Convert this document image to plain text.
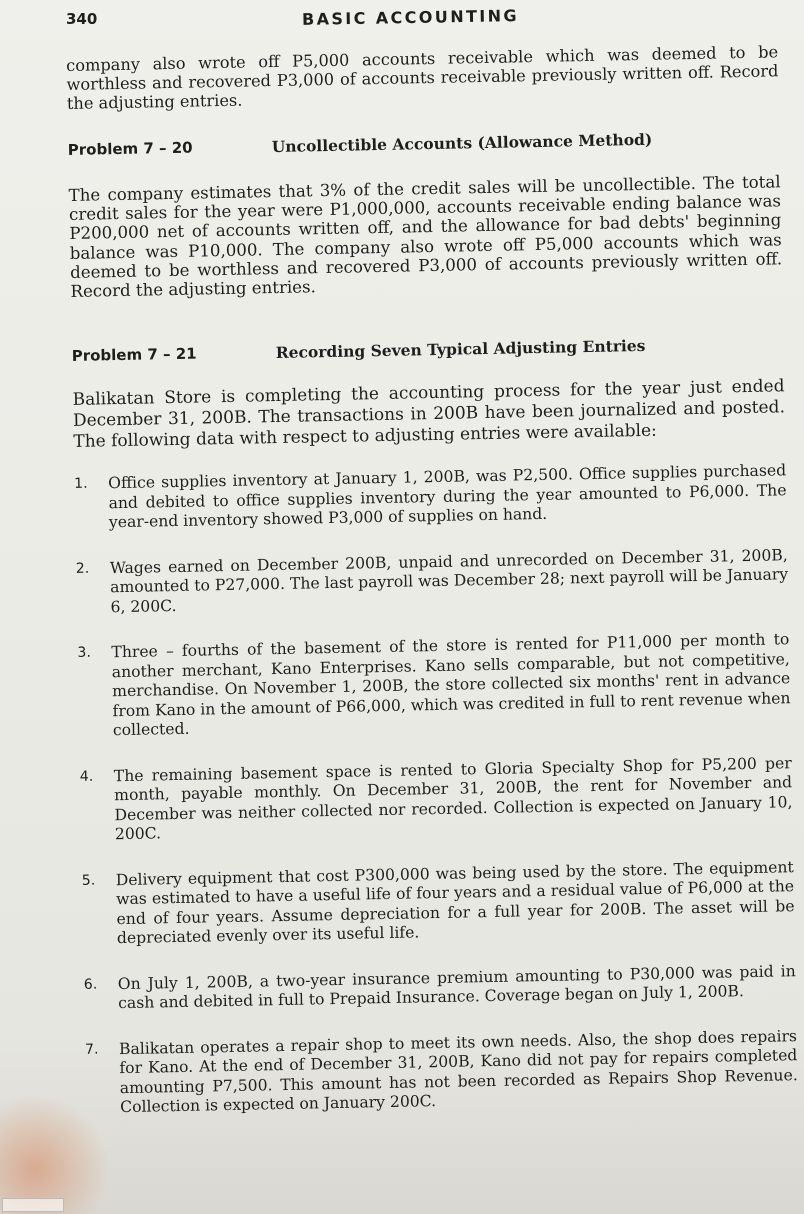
340	BASIC ACCOUNTING

company also wrote off P5,000 accounts receivable which was deemed to be worthless and recovered P3,000 of accounts receivable previously written off. Record the adjusting entries.

Problem 7 – 20	Uncollectible Accounts (Allowance Method)

The company estimates that 3% of the credit sales will be uncollectible. The total credit sales for the year were P1,000,000, accounts receivable ending balance was P200,000 net of accounts written off, and the allowance for bad debts' beginning balance was P10,000. The company also wrote off P5,000 accounts which was deemed to be worthless and recovered P3,000 of accounts previously written off. Record the adjusting entries.

Problem 7 – 21	Recording Seven Typical Adjusting Entries

Balikatan Store is completing the accounting process for the year just ended December 31, 200B. The transactions in 200B have been journalized and posted. The following data with respect to adjusting entries were available:

1.	Office supplies inventory at January 1, 200B, was P2,500. Office supplies purchased and debited to office supplies inventory during the year amounted to P6,000. The year-end inventory showed P3,000 of supplies on hand.
2.	Wages earned on December 200B, unpaid and unrecorded on December 31, 200B, amounted to P27,000. The last payroll was December 28; next payroll will be January 6, 200C.
3.	Three – fourths of the basement of the store is rented for P11,000 per month to another merchant, Kano Enterprises. Kano sells comparable, but not competitive, merchandise. On November 1, 200B, the store collected six months' rent in advance from Kano in the amount of P66,000, which was credited in full to rent revenue when collected.
4.	The remaining basement space is rented to Gloria Specialty Shop for P5,200 per month, payable monthly. On December 31, 200B, the rent for November and December was neither collected nor recorded. Collection is expected on January 10, 200C.
5.	Delivery equipment that cost P300,000 was being used by the store. The equipment was estimated to have a useful life of four years and a residual value of P6,000 at the end of four years. Assume depreciation for a full year for 200B. The asset will be depreciated evenly over its useful life.
6.	On July 1, 200B, a two-year insurance premium amounting to P30,000 was paid in cash and debited in full to Prepaid Insurance. Coverage began on July 1, 200B.
7.	Balikatan operates a repair shop to meet its own needs. Also, the shop does repairs for Kano. At the end of December 31, 200B, Kano did not pay for repairs completed amounting P7,500. This amount has not been recorded as Repairs Shop Revenue. Collection is expected on January 200C.
